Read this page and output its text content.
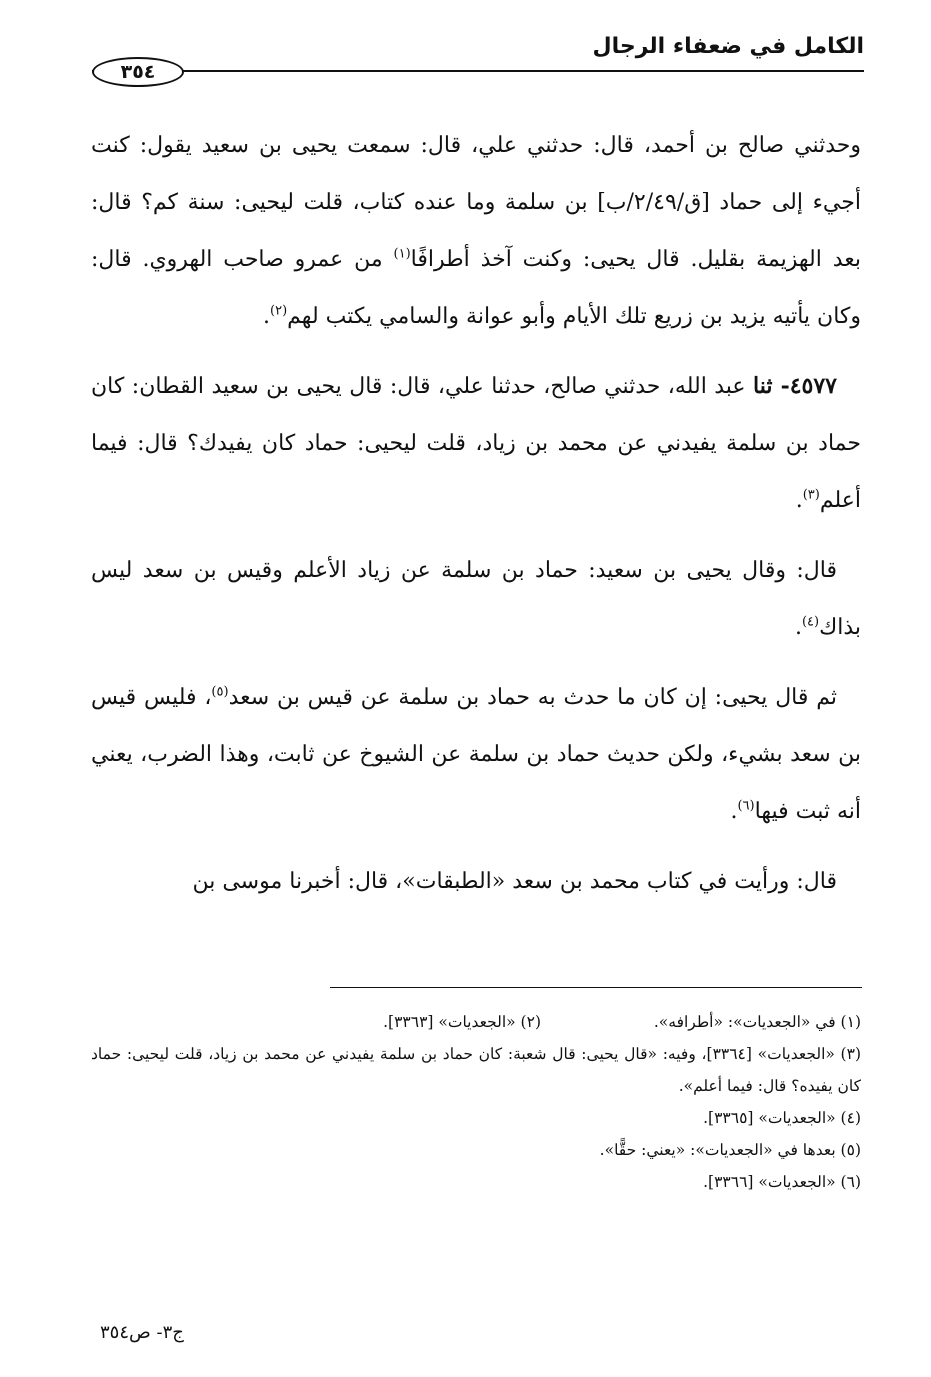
الكامل في ضعفاء الرجال
٣٥٤

وحدثني صالح بن أحمد، قال: حدثني علي، قال: سمعت يحيى بن سعيد يقول: كنت أجيء إلى حماد [ق/٢/٤٩/ب] بن سلمة وما عنده كتاب، قلت ليحيى: سنة كم؟ قال: بعد الهزيمة بقليل. قال يحيى: وكنت آخذ أطرافًا$^{(١)}$ من عمرو صاحب الهروي. قال: وكان يأتيه يزيد بن زريع تلك الأيام وأبو عوانة والسامي يكتب لهم$^{(٢)}$.

٤٥٧٧- ثنا عبد الله، حدثني صالح، حدثنا علي، قال: قال يحيى بن سعيد القطان: كان حماد بن سلمة يفيدني عن محمد بن زياد، قلت ليحيى: حماد كان يفيدك؟ قال: فيما أعلم$^{(٣)}$.

قال: وقال يحيى بن سعيد: حماد بن سلمة عن زياد الأعلم وقيس بن سعد ليس بذاك$^{(٤)}$.

ثم قال يحيى: إن كان ما حدث به حماد بن سلمة عن قيس بن سعد$^{(٥)}$، فليس قيس بن سعد بشيء، ولكن حديث حماد بن سلمة عن الشيوخ عن ثابت، وهذا الضرب، يعني أنه ثبت فيها$^{(٦)}$.

قال: ورأيت في كتاب محمد بن سعد «الطبقات»، قال: أخبرنا موسى بن

(١) في «الجعديات»: «أطرافه».
(٢) «الجعديات» [٣٣٦٣].
(٣) «الجعديات» [٣٣٦٤]، وفيه: «قال يحيى: قال شعبة: كان حماد بن سلمة يفيدني عن محمد بن زياد، قلت ليحيى: حماد كان يفيده؟ قال: فيما أعلم».
(٤) «الجعديات» [٣٣٦٥].
(٥) بعدها في «الجعديات»: «يعني: حقًّا».
(٦) «الجعديات» [٣٣٦٦].
ج٣- ص٣٥٤
